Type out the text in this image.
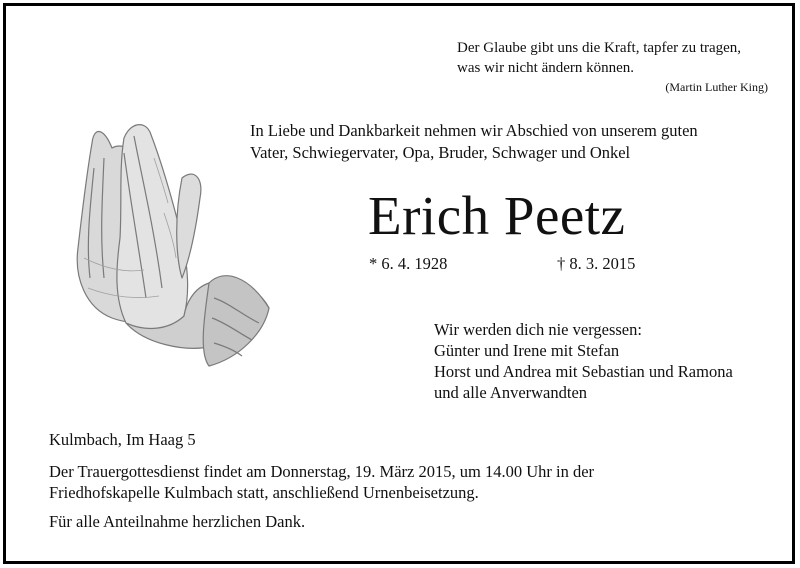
Der Glaube gibt uns die Kraft, tapfer zu tragen,
was wir nicht ändern können.
(Martin Luther King)
In Liebe und Dankbarkeit nehmen wir Abschied von unserem guten
Vater, Schwiegervater, Opa, Bruder, Schwager und Onkel
Erich Peetz
* 6. 4. 1928	† 8. 3. 2015
Wir werden dich nie vergessen:
Günter und Irene mit Stefan
Horst und Andrea mit Sebastian und Ramona
und alle Anverwandten
Kulmbach, Im Haag 5
Der Trauergottesdienst findet am Donnerstag, 19. März 2015, um 14.00 Uhr in der
Friedhofskapelle Kulmbach statt, anschließend Urnenbeisetzung.
Für alle Anteilnahme herzlichen Dank.
